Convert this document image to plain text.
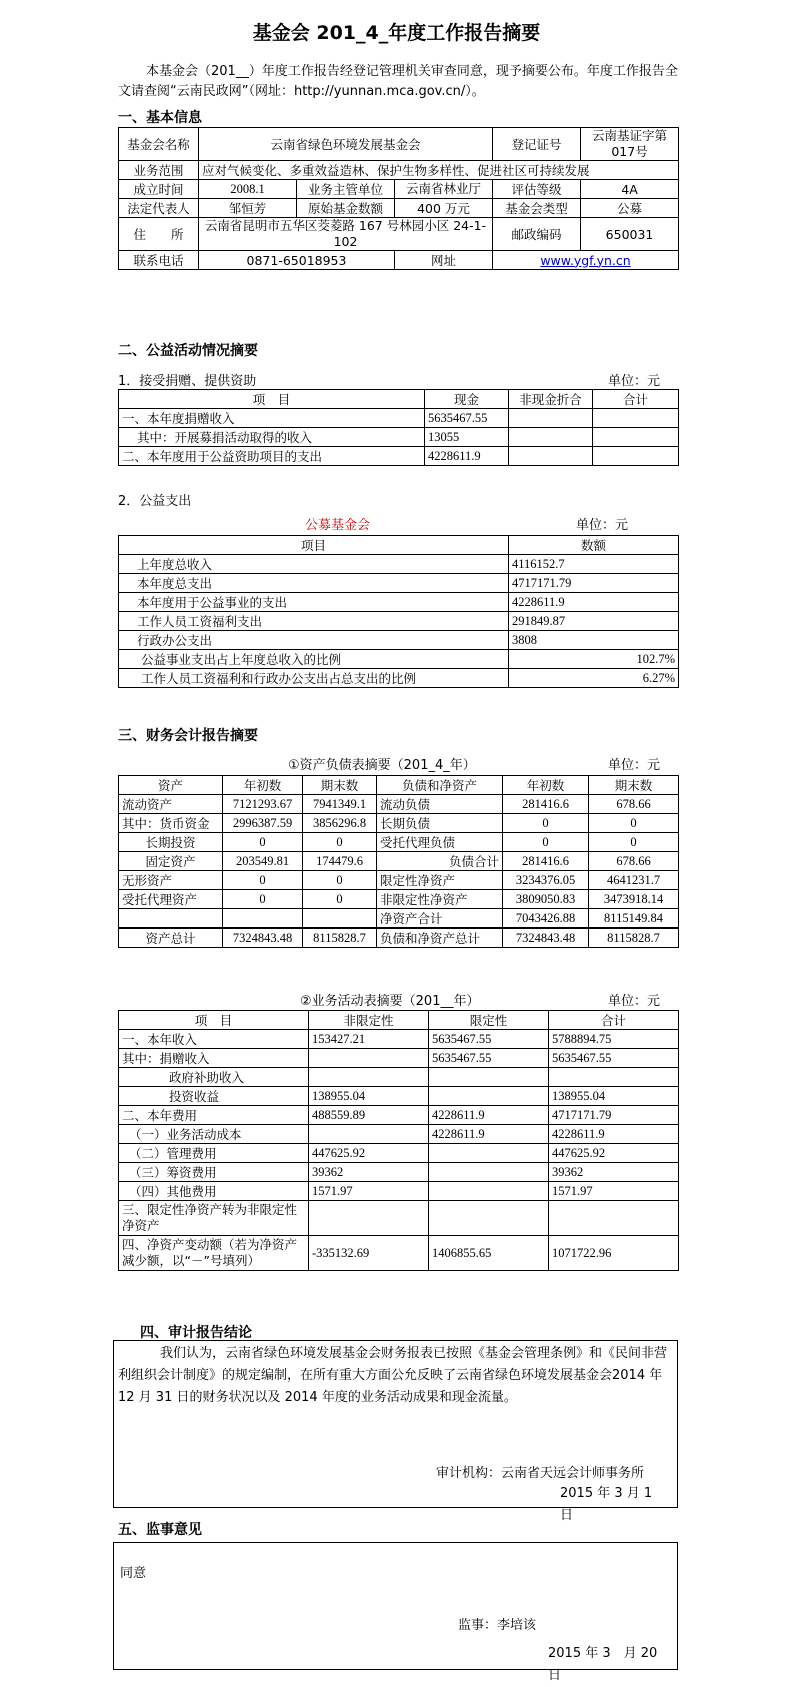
基金会 201_4_年度工作报告摘要
本基金会（201__）年度工作报告经登记管理机关审查同意，现予摘要公布。年度工作报告全文请查阅“云南民政网”（网址：http://yunnan.mca.gov.cn/）。
一、基本信息
基金会名称	云南省绿色环境发展基金会			登记证号	云南基证字第017号
业务范围	应对气候变化、多重效益造林、保护生物多样性、促进社区可持续发展				
成立时间	2008.1	业务主管单位	云南省林业厅	评估等级	4A
法定代表人	邹恒芳	原始基金数额	400 万元	基金会类型	公募
住　　所	云南省昆明市五华区茭菱路 167 号林园小区 24-1-102			邮政编码	650031
联系电话	0871-65018953		网址	www.ygf.yn.cn	
二、公益活动情况摘要
1．接受捐赠、提供资助	单位：元
项　目	现金	非现金折合	合计
一、本年度捐赠收入	5635467.55		
其中：开展募捐活动取得的收入	13055		
二、本年度用于公益资助项目的支出	4228611.9		
2．公益支出
公募基金会	单位：元
项目	数额
上年度总收入	4116152.7
本年度总支出	4717171.79
本年度用于公益事业的支出	4228611.9
工作人员工资福利支出	291849.87
行政办公支出	3808
公益事业支出占上年度总收入的比例	102.7%
工作人员工资福利和行政办公支出占总支出的比例	6.27%
三、财务会计报告摘要
①资产负债表摘要（201_4_年）	单位：元
资产	年初数	期末数	负债和净资产	年初数	期末数
流动资产	7121293.67	7941349.1	流动负债	281416.6	678.66
其中：货币资金	2996387.59	3856296.8	长期负债	0	0
长期投资	0	0	受托代理负债	0	0
固定资产	203549.81	174479.6	负债合计	281416.6	678.66
无形资产	0	0	限定性净资产	3234376.05	4641231.7
受托代理资产	0	0	非限定性净资产	3809050.83	3473918.14
			净资产合计	7043426.88	8115149.84
资产总计	7324843.48	8115828.7	负债和净资产总计	7324843.48	8115828.7
②业务活动表摘要（201__年）	单位：元
项　目	非限定性	限定性	合计
一、本年收入	153427.21	5635467.55	5788894.75
其中：捐赠收入		5635467.55	5635467.55
政府补助收入			
投资收益	138955.04		138955.04
二、本年费用	488559.89	4228611.9	4717171.79
（一）业务活动成本		4228611.9	4228611.9
（二）管理费用	447625.92		447625.92
（三）筹资费用	39362		39362
（四）其他费用	1571.97		1571.97
三、限定性净资产转为非限定性净资产			
四、净资产变动额（若为净资产减少额，以“－”号填列）	-335132.69	1406855.65	1071722.96
四、审计报告结论
我们认为，云南省绿色环境发展基金会财务报表已按照《基金会管理条例》和《民间非营利组织会计制度》的规定编制，在所有重大方面公允反映了云南省绿色环境发展基金会2014 年 12 月 31 日的财务状况以及 2014 年度的业务活动成果和现金流量。
审计机构：云南省天远会计师事务所
2015 年 3 月 1　日
五、监事意见
同意
监事：李培该
2015 年 3　月 20　日
